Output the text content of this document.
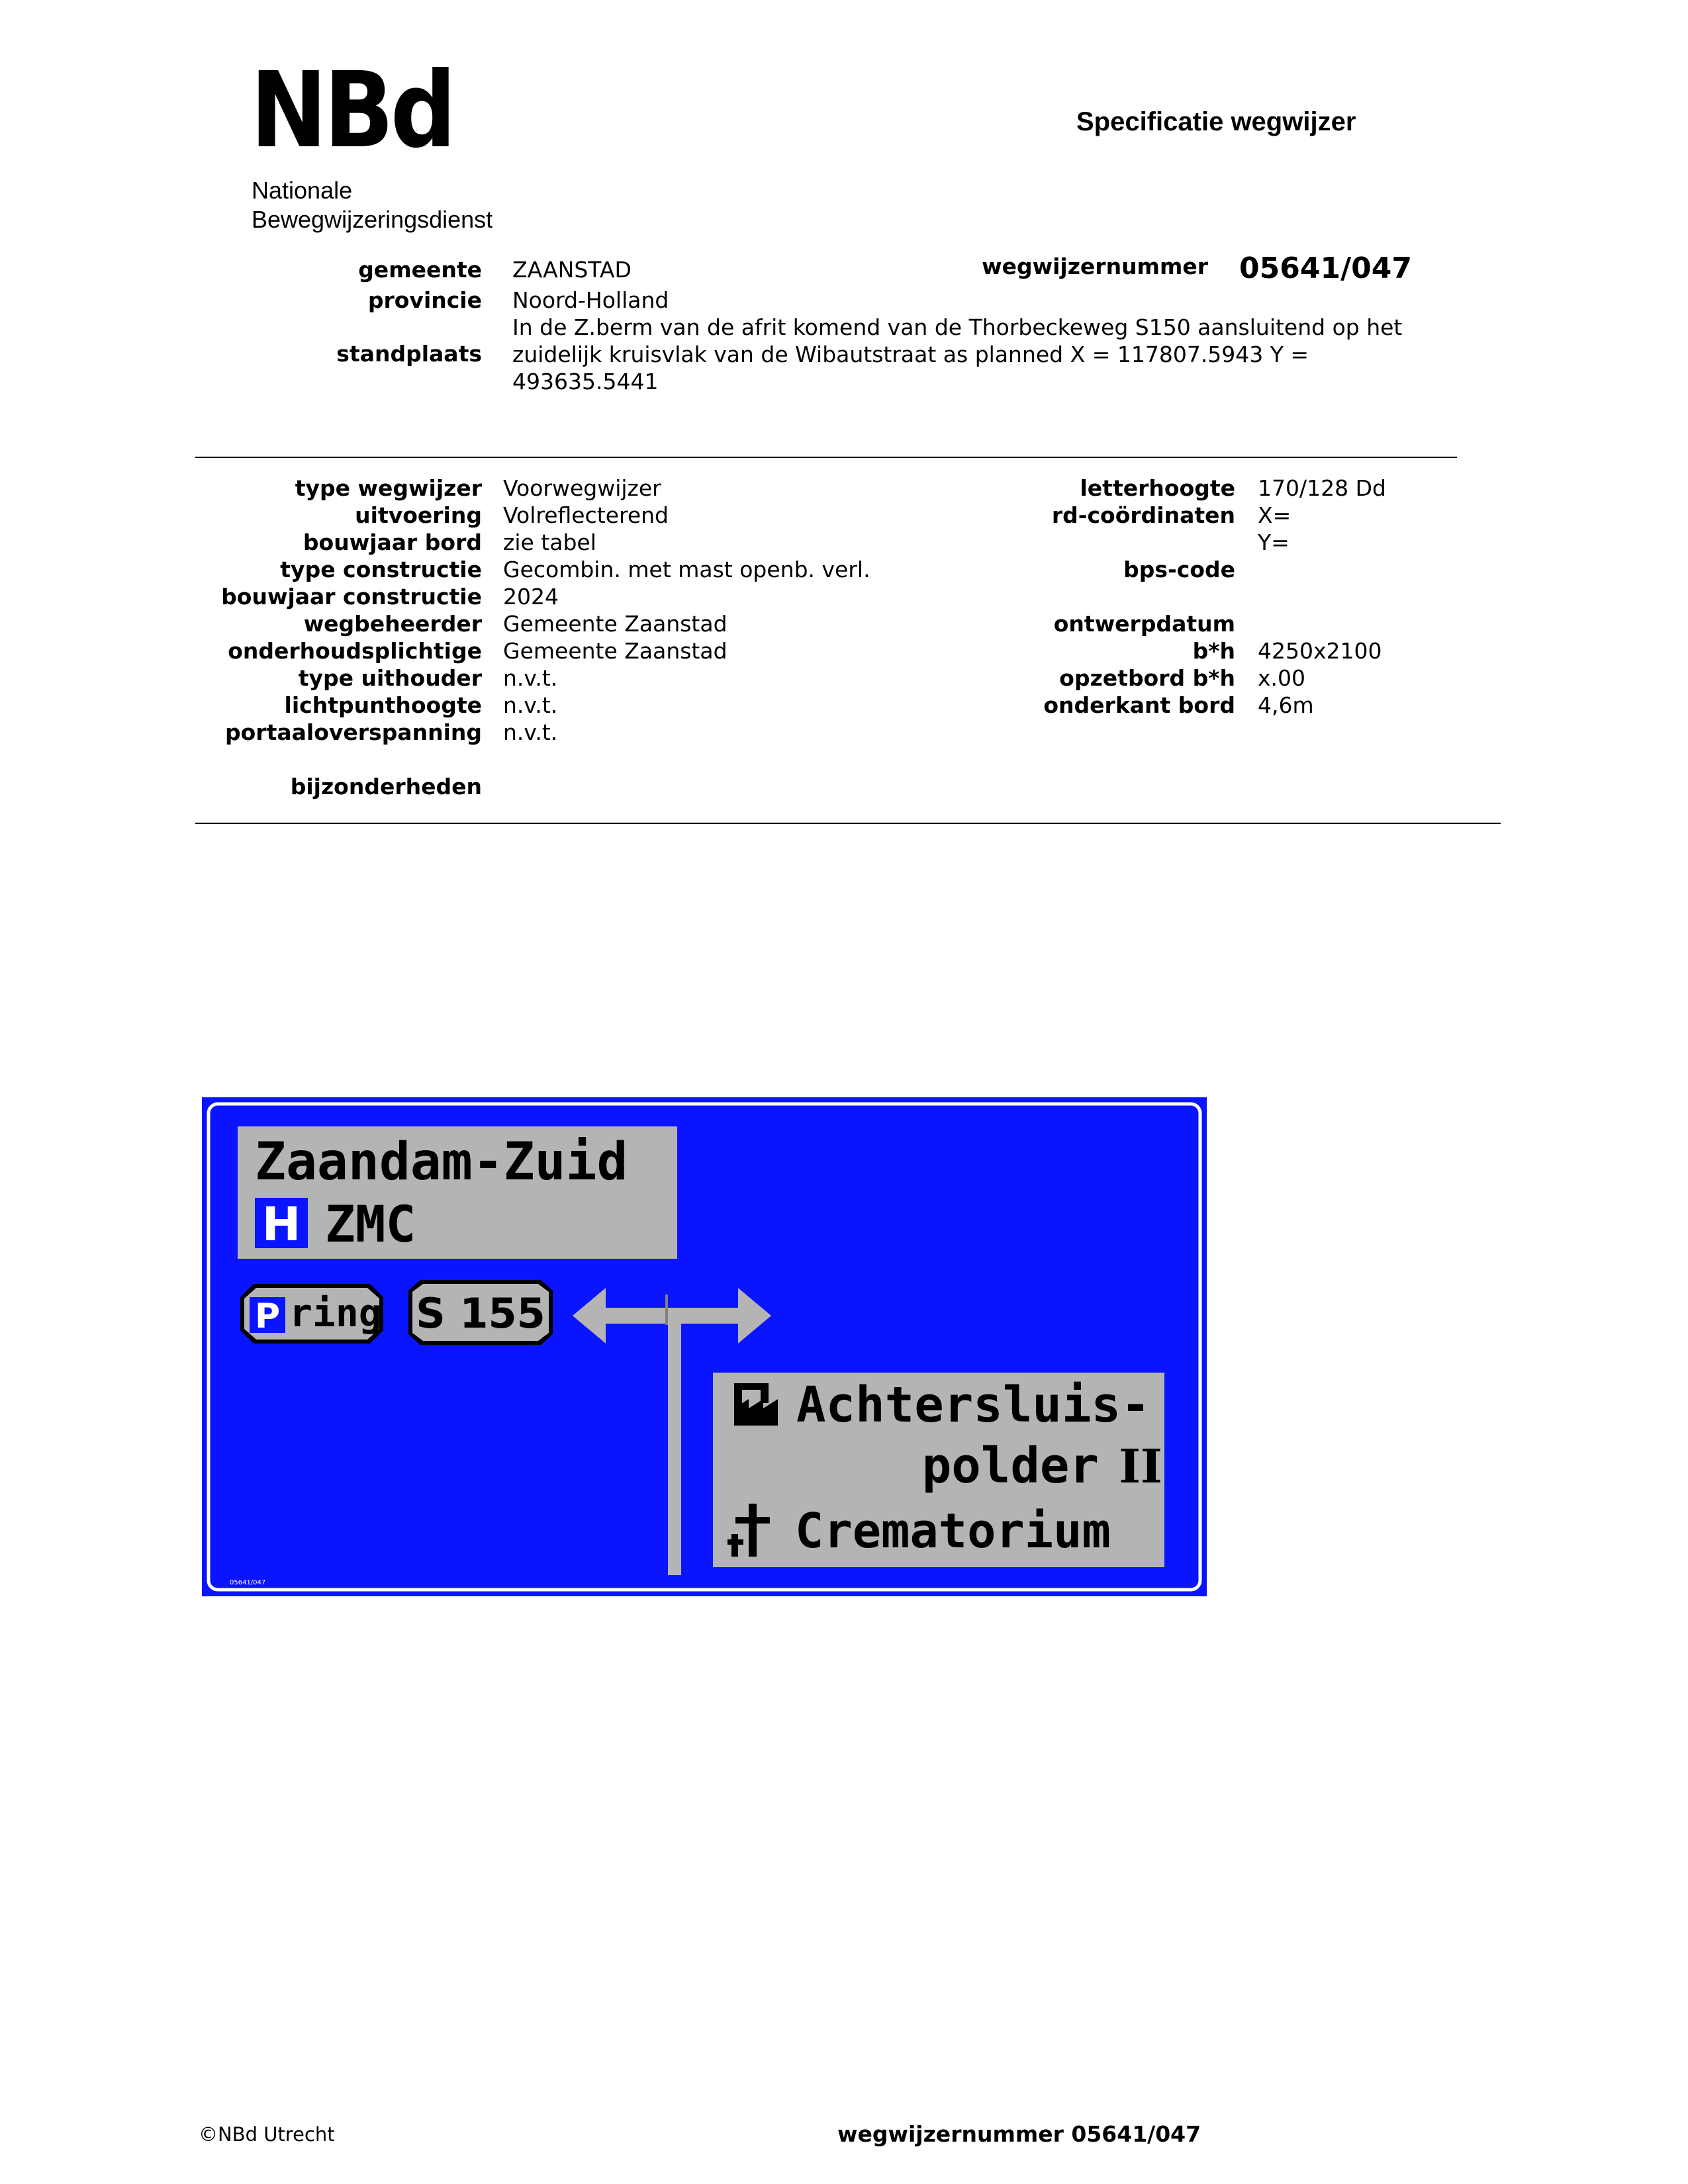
NBd
Nationale
Bewegwijzeringsdienst
Specificatie wegwijzer
gemeente ZAANSTAD	wegwijzernummer 05641/047
provincie Noord-Holland
standplaats
In de Z.berm van de afrit komend van de Thorbeckeweg S150 aansluitend op het zuidelijk kruisvlak van de Wibautstraat as planned X = 117807.5943 Y = 493635.5441
type wegwijzer Voorwegwijzer
uitvoering Volreflecterend
bouwjaar bord zie tabel
type constructie Gecombin. met mast openb. verl.
bouwjaar constructie 2024
wegbeheerder Gemeente Zaanstad
onderhoudsplichtige Gemeente Zaanstad
type uithouder n.v.t.
lichtpunthoogte n.v.t.
portaaloverspanning n.v.t.
bijzonderheden
letterhoogte 170/128 Dd
rd-coördinaten X=
Y=
bps-code
ontwerpdatum
b*h 4250x2100
opzetbord b*h x.00
onderkant bord 4,6m
Zaandam-Zuid
H ZMC
P ring S 155
Achtersluis-
polder II
Crematorium
05641/047
©NBd Utrecht	wegwijzernummer 05641/047
